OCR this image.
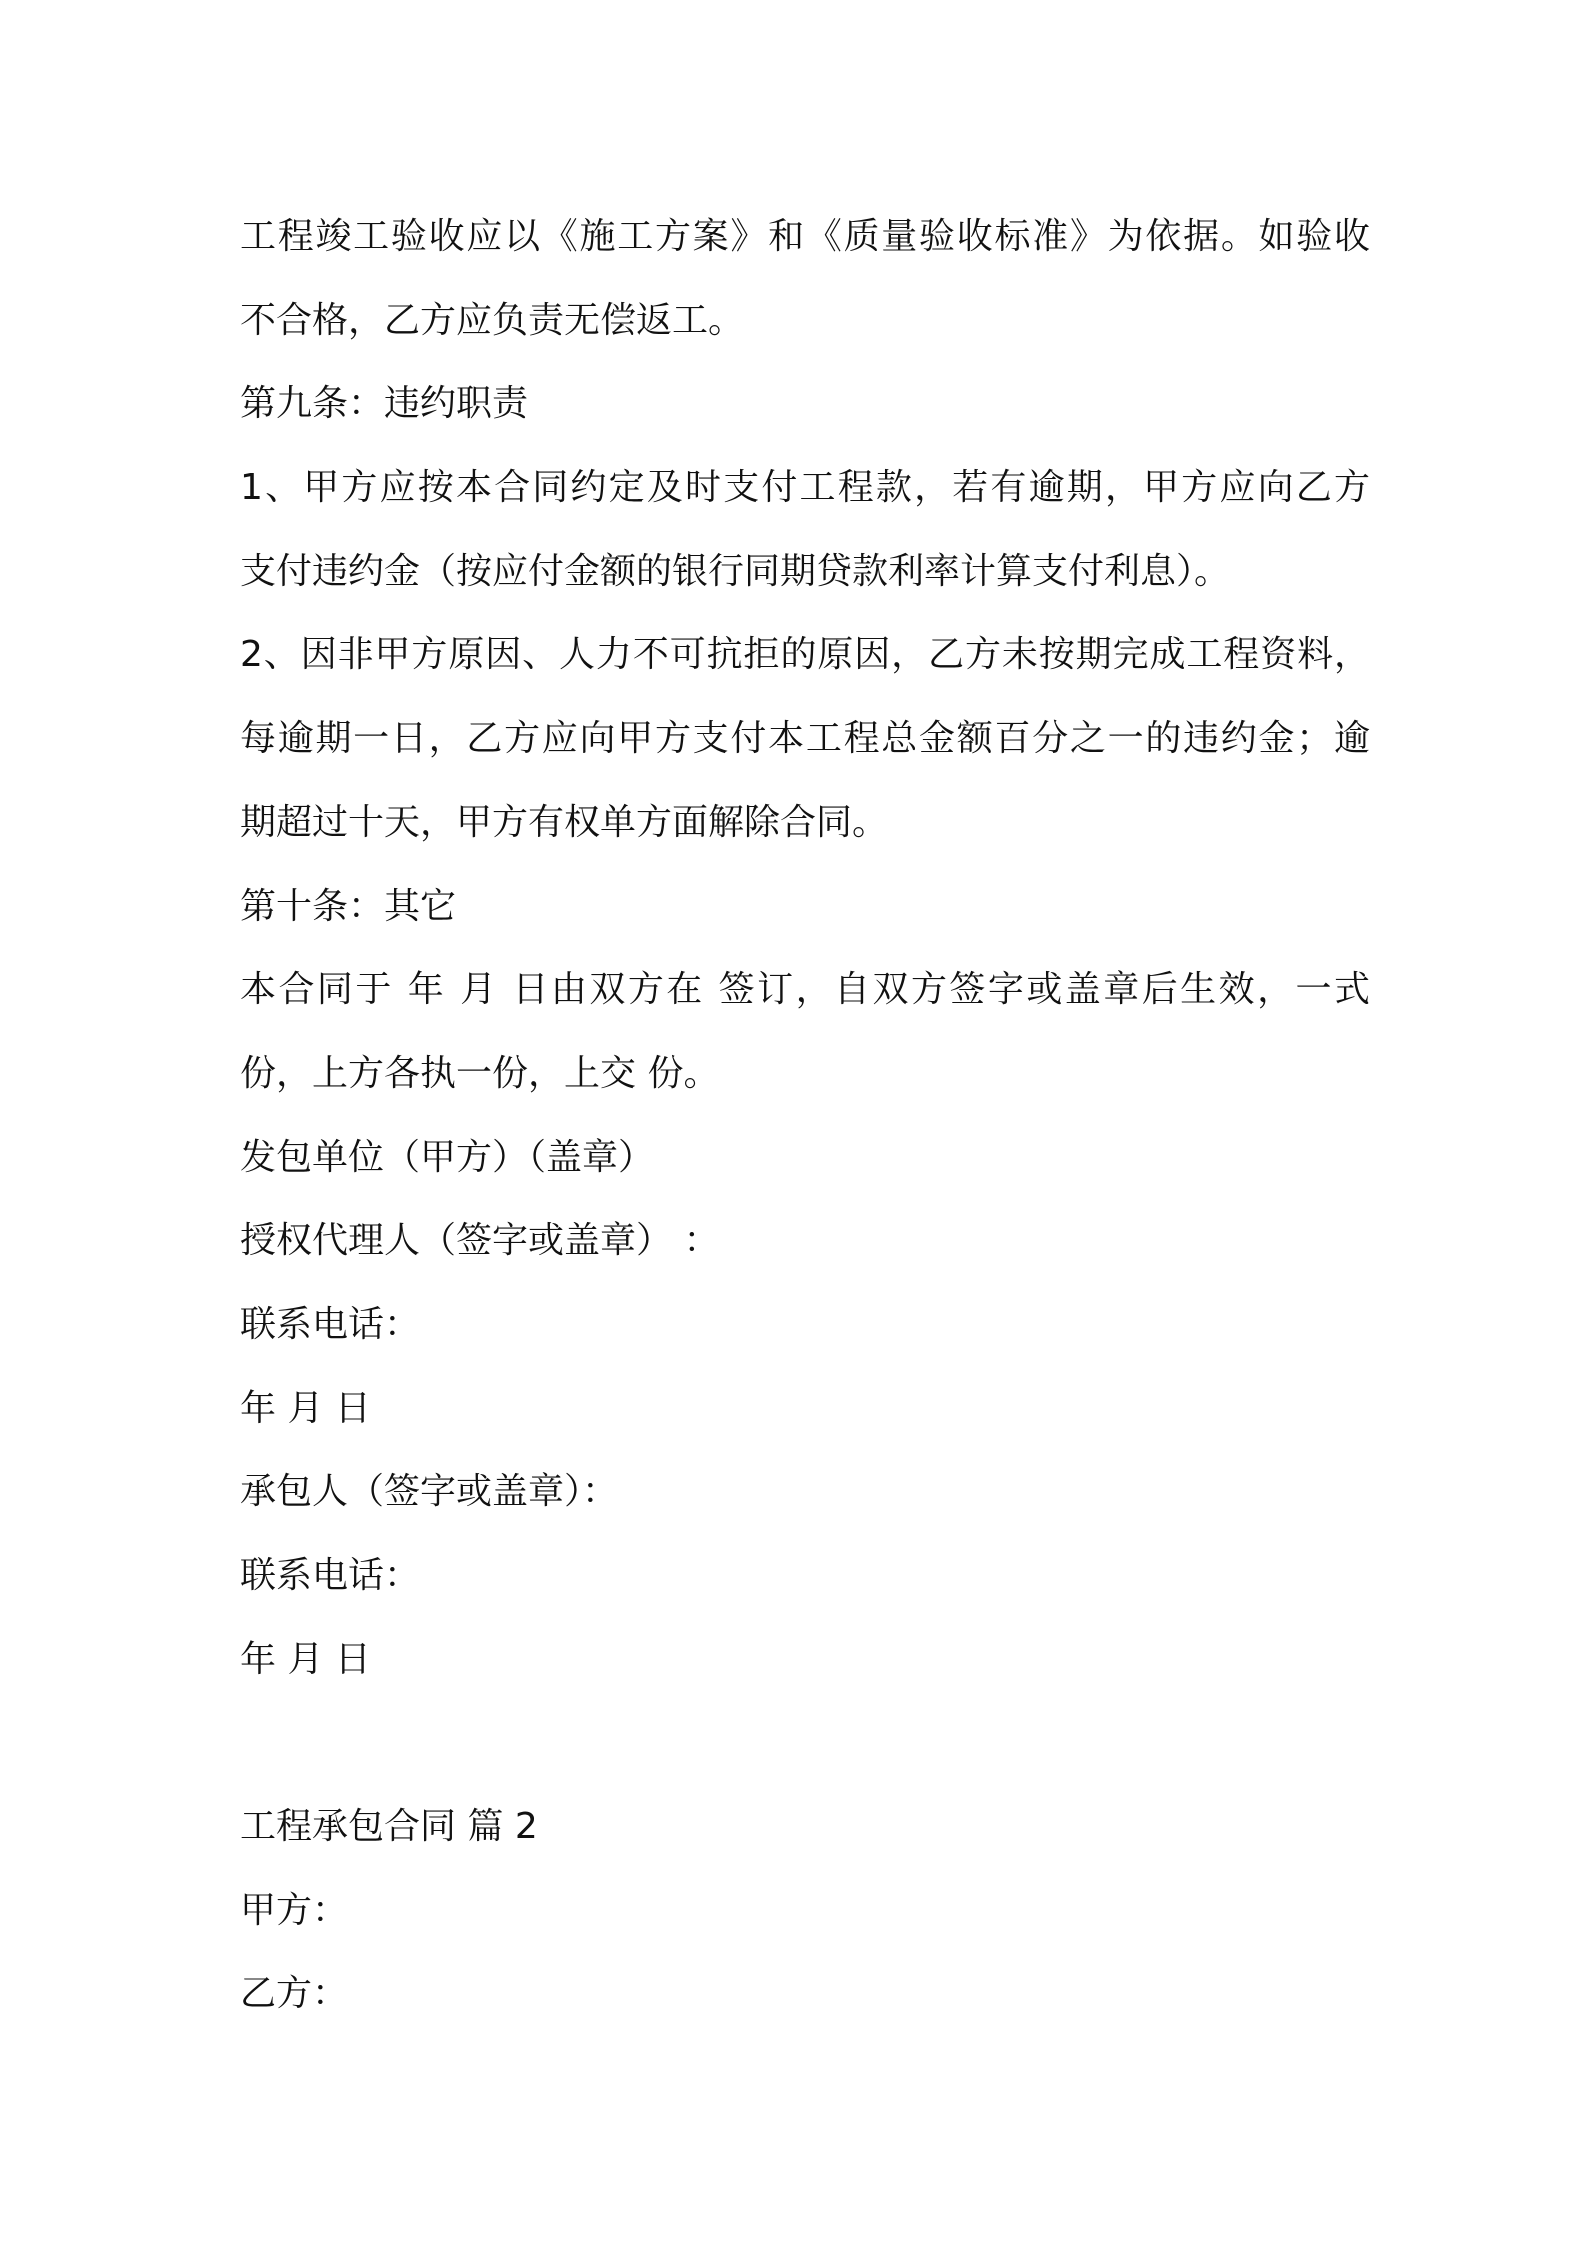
工程竣工验收应以《施工方案》和《质量验收标准》为依据。如验收
不合格，乙方应负责无偿返工。
第九条：违约职责
1、甲方应按本合同约定及时支付工程款，若有逾期，甲方应向乙方
支付违约金（按应付金额的银行同期贷款利率计算支付利息）。
2、因非甲方原因、人力不可抗拒的原因，乙方未按期完成工程资料，
每逾期一日，乙方应向甲方支付本工程总金额百分之一的违约金；逾
期超过十天，甲方有权单方面解除合同。
第十条：其它
本合同于 年 月 日由双方在 签订，自双方签字或盖章后生效，一式
份，上方各执一份，上交 份。
发包单位（甲方）（盖章）
授权代理人（签字或盖章） ：
联系电话：
年 月 日
承包人（签字或盖章）：
联系电话：
年 月 日
工程承包合同 篇 2
甲方：
乙方：
